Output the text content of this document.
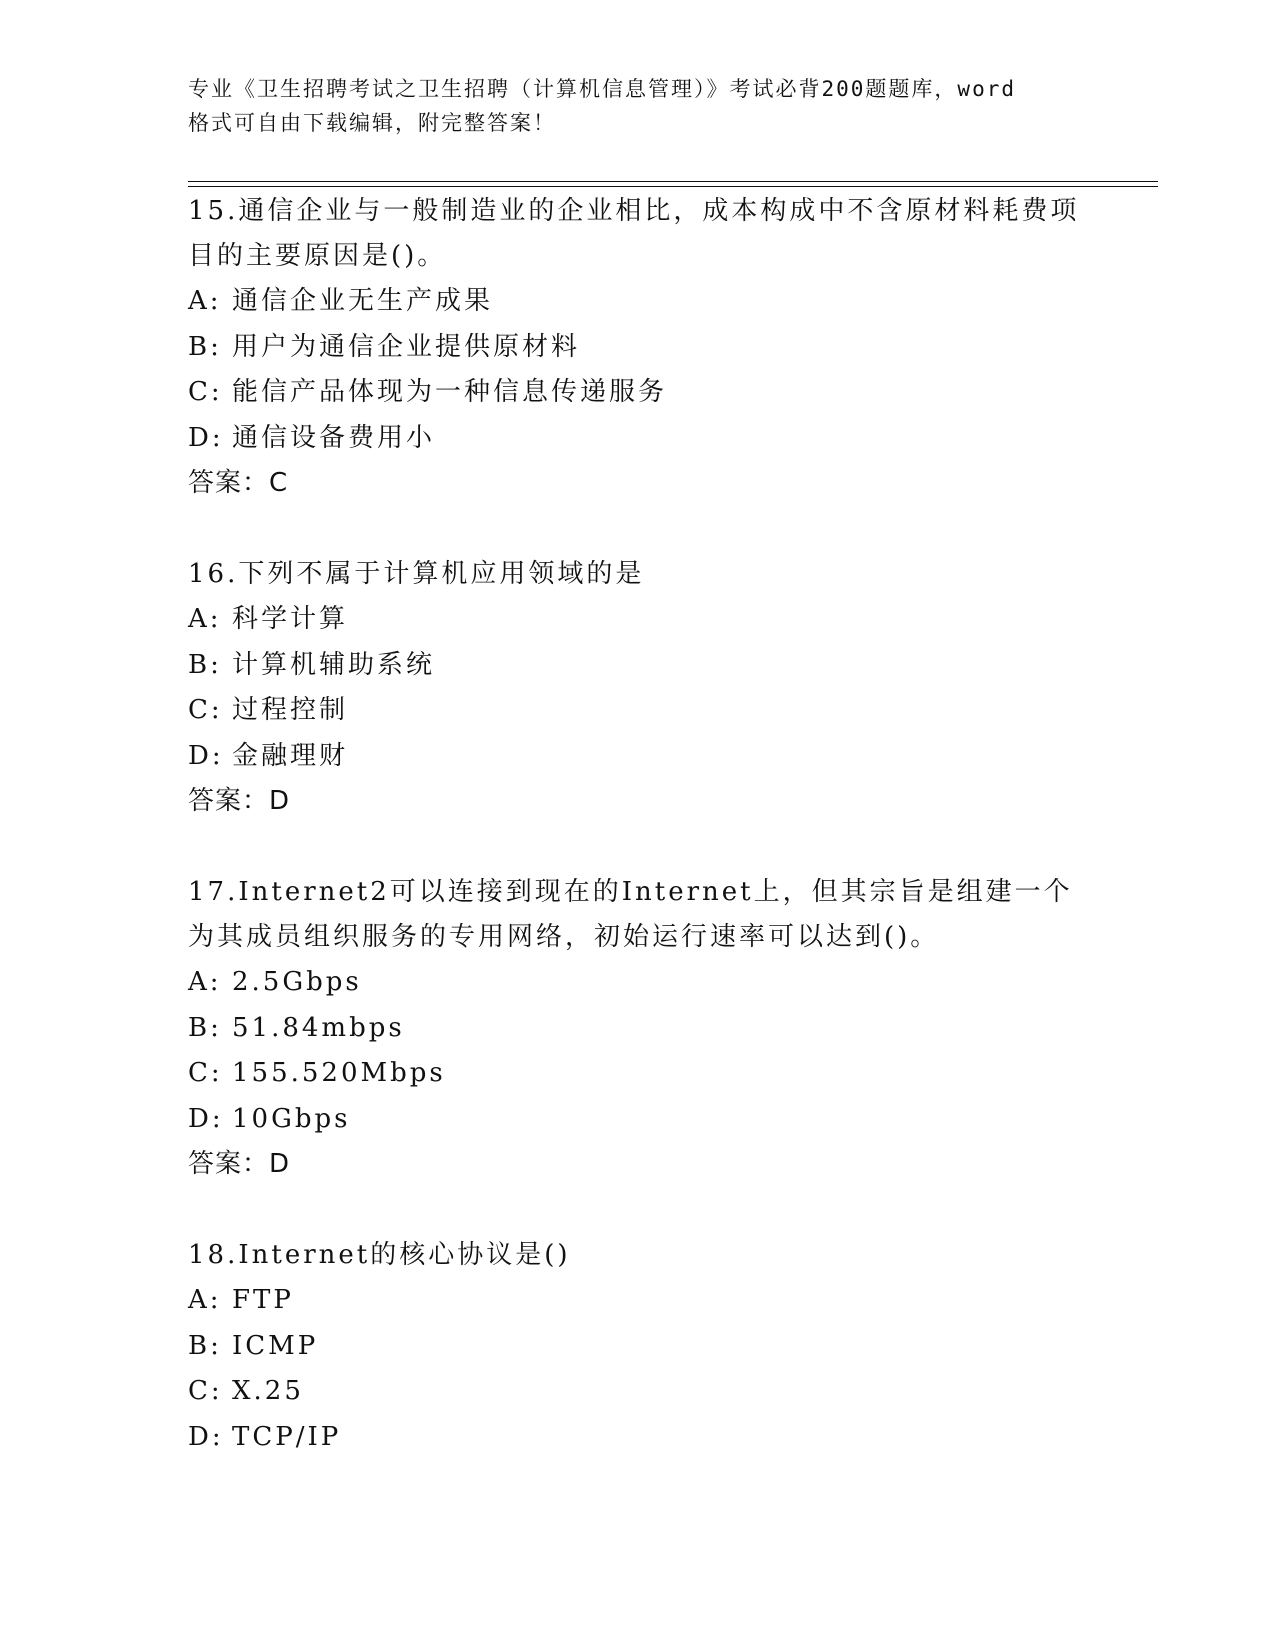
专业《卫生招聘考试之卫生招聘（计算机信息管理）》考试必背200题题库，word

格式可自由下载编辑，附完整答案！

15.通信企业与一般制造业的企业相比，成本构成中不含原材料耗费项目的主要原因是()。

A: 通信企业无生产成果

B: 用户为通信企业提供原材料

C: 能信产品体现为一种信息传递服务

D: 通信设备费用小

答案：C

16.下列不属于计算机应用领域的是

A: 科学计算

B: 计算机辅助系统

C: 过程控制

D: 金融理财

答案：D

17.Internet2可以连接到现在的Internet上，但其宗旨是组建一个为其成员组织服务的专用网络，初始运行速率可以达到()。

A: 2.5Gbps

B: 51.84mbps

C: 155.520Mbps

D: 10Gbps

答案：D

18.Internet的核心协议是()

A: FTP

B: ICMP

C: X.25

D: TCP/IP
